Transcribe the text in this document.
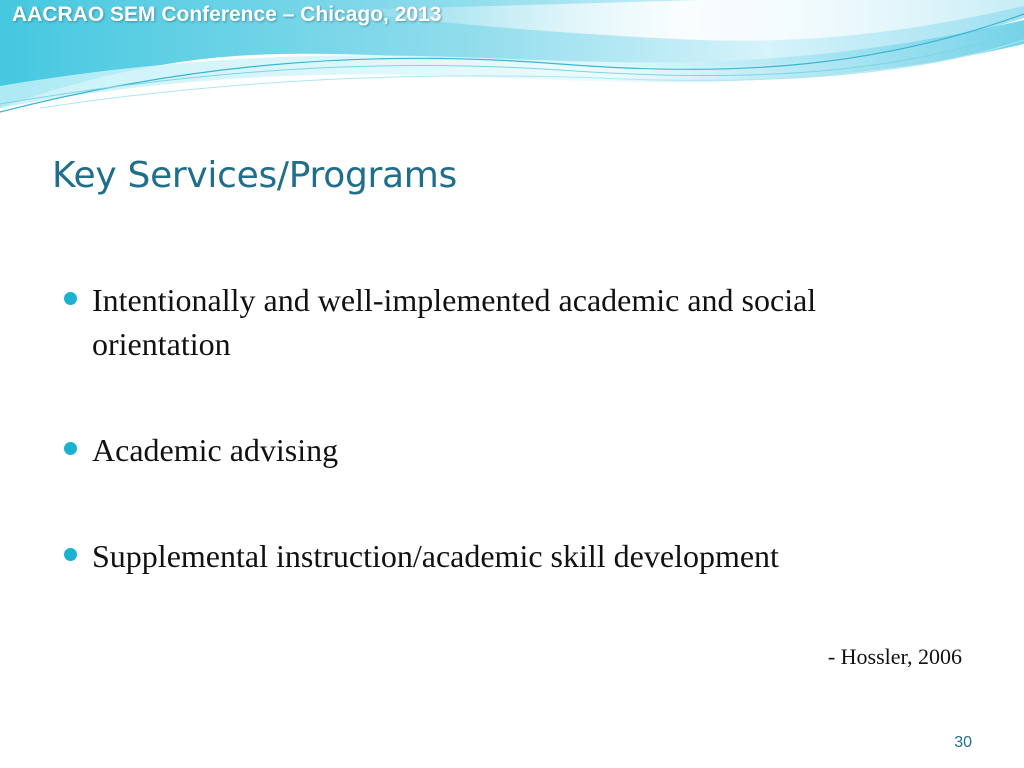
AACRAO SEM Conference – Chicago, 2013
Key Services/Programs
Intentionally and well-implemented academic and social orientation
Academic advising
Supplemental instruction/academic skill development
- Hossler, 2006
30
